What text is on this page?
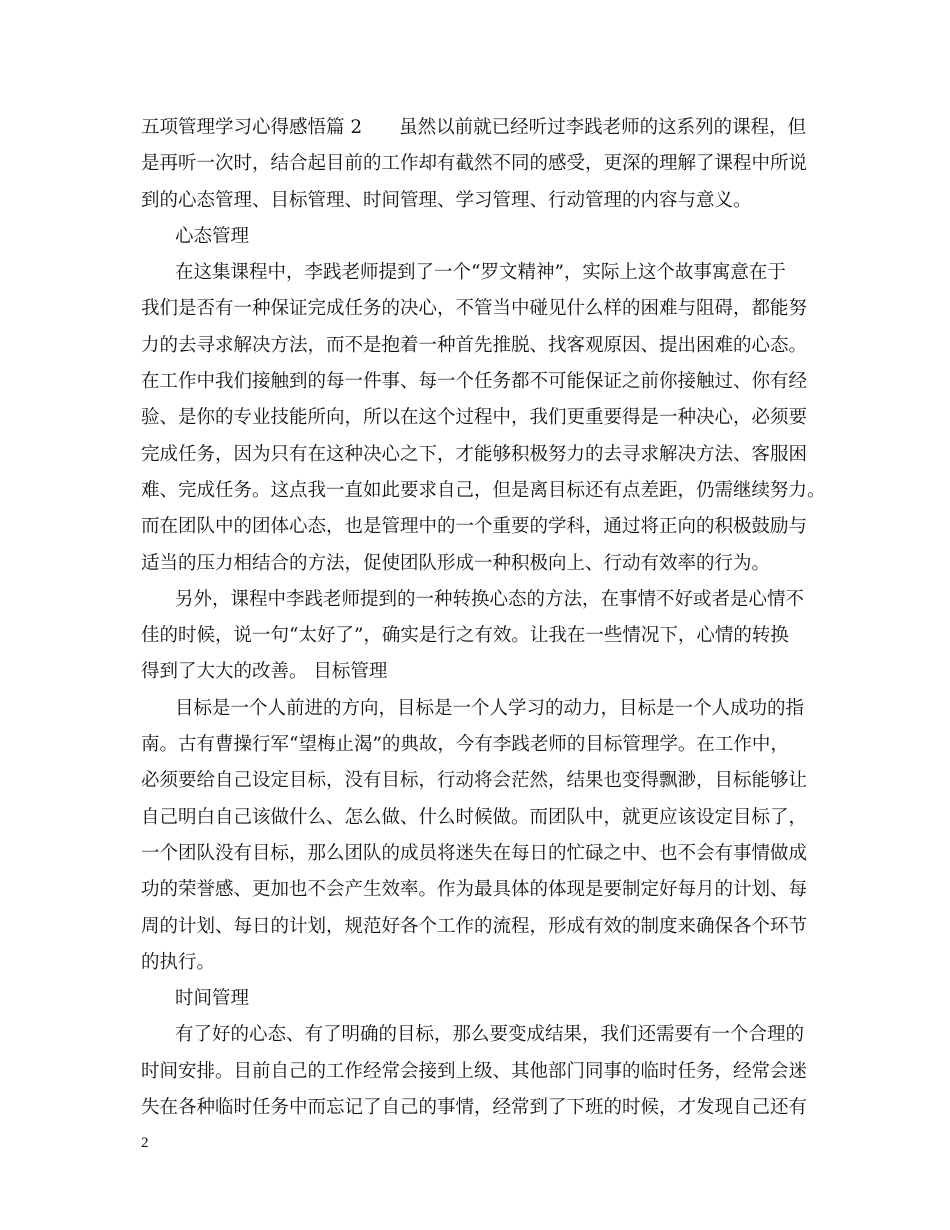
五项管理学习心得感悟篇 2　　虽然以前就已经听过李践老师的这系列的课程，但
是再听一次时，结合起目前的工作却有截然不同的感受，更深的理解了课程中所说
到的心态管理、目标管理、时间管理、学习管理、行动管理的内容与意义。
心态管理
在这集课程中，李践老师提到了一个“罗文精神”，实际上这个故事寓意在于
我们是否有一种保证完成任务的决心，不管当中碰见什么样的困难与阻碍，都能努
力的去寻求解决方法，而不是抱着一种首先推脱、找客观原因、提出困难的心态。
在工作中我们接触到的每一件事、每一个任务都不可能保证之前你接触过、你有经
验、是你的专业技能所向，所以在这个过程中，我们更重要得是一种决心，必须要
完成任务，因为只有在这种决心之下，才能够积极努力的去寻求解决方法、客服困
难、完成任务。这点我一直如此要求自己，但是离目标还有点差距，仍需继续努力。
而在团队中的团体心态，也是管理中的一个重要的学科，通过将正向的积极鼓励与
适当的压力相结合的方法，促使团队形成一种积极向上、行动有效率的行为。
另外，课程中李践老师提到的一种转换心态的方法，在事情不好或者是心情不
佳的时候，说一句“太好了”，确实是行之有效。让我在一些情况下，心情的转换
得到了大大的改善。 目标管理
目标是一个人前进的方向，目标是一个人学习的动力，目标是一个人成功的指
南。古有曹操行军“望梅止渴”的典故，今有李践老师的目标管理学。在工作中，
必须要给自己设定目标，没有目标，行动将会茫然，结果也变得飘渺，目标能够让
自己明白自己该做什么、怎么做、什么时候做。而团队中，就更应该设定目标了，
一个团队没有目标，那么团队的成员将迷失在每日的忙碌之中、也不会有事情做成
功的荣誉感、更加也不会产生效率。作为最具体的体现是要制定好每月的计划、每
周的计划、每日的计划，规范好各个工作的流程，形成有效的制度来确保各个环节
的执行。
时间管理
有了好的心态、有了明确的目标，那么要变成结果，我们还需要有一个合理的
时间安排。目前自己的工作经常会接到上级、其他部门同事的临时任务，经常会迷
失在各种临时任务中而忘记了自己的事情，经常到了下班的时候，才发现自己还有
2
